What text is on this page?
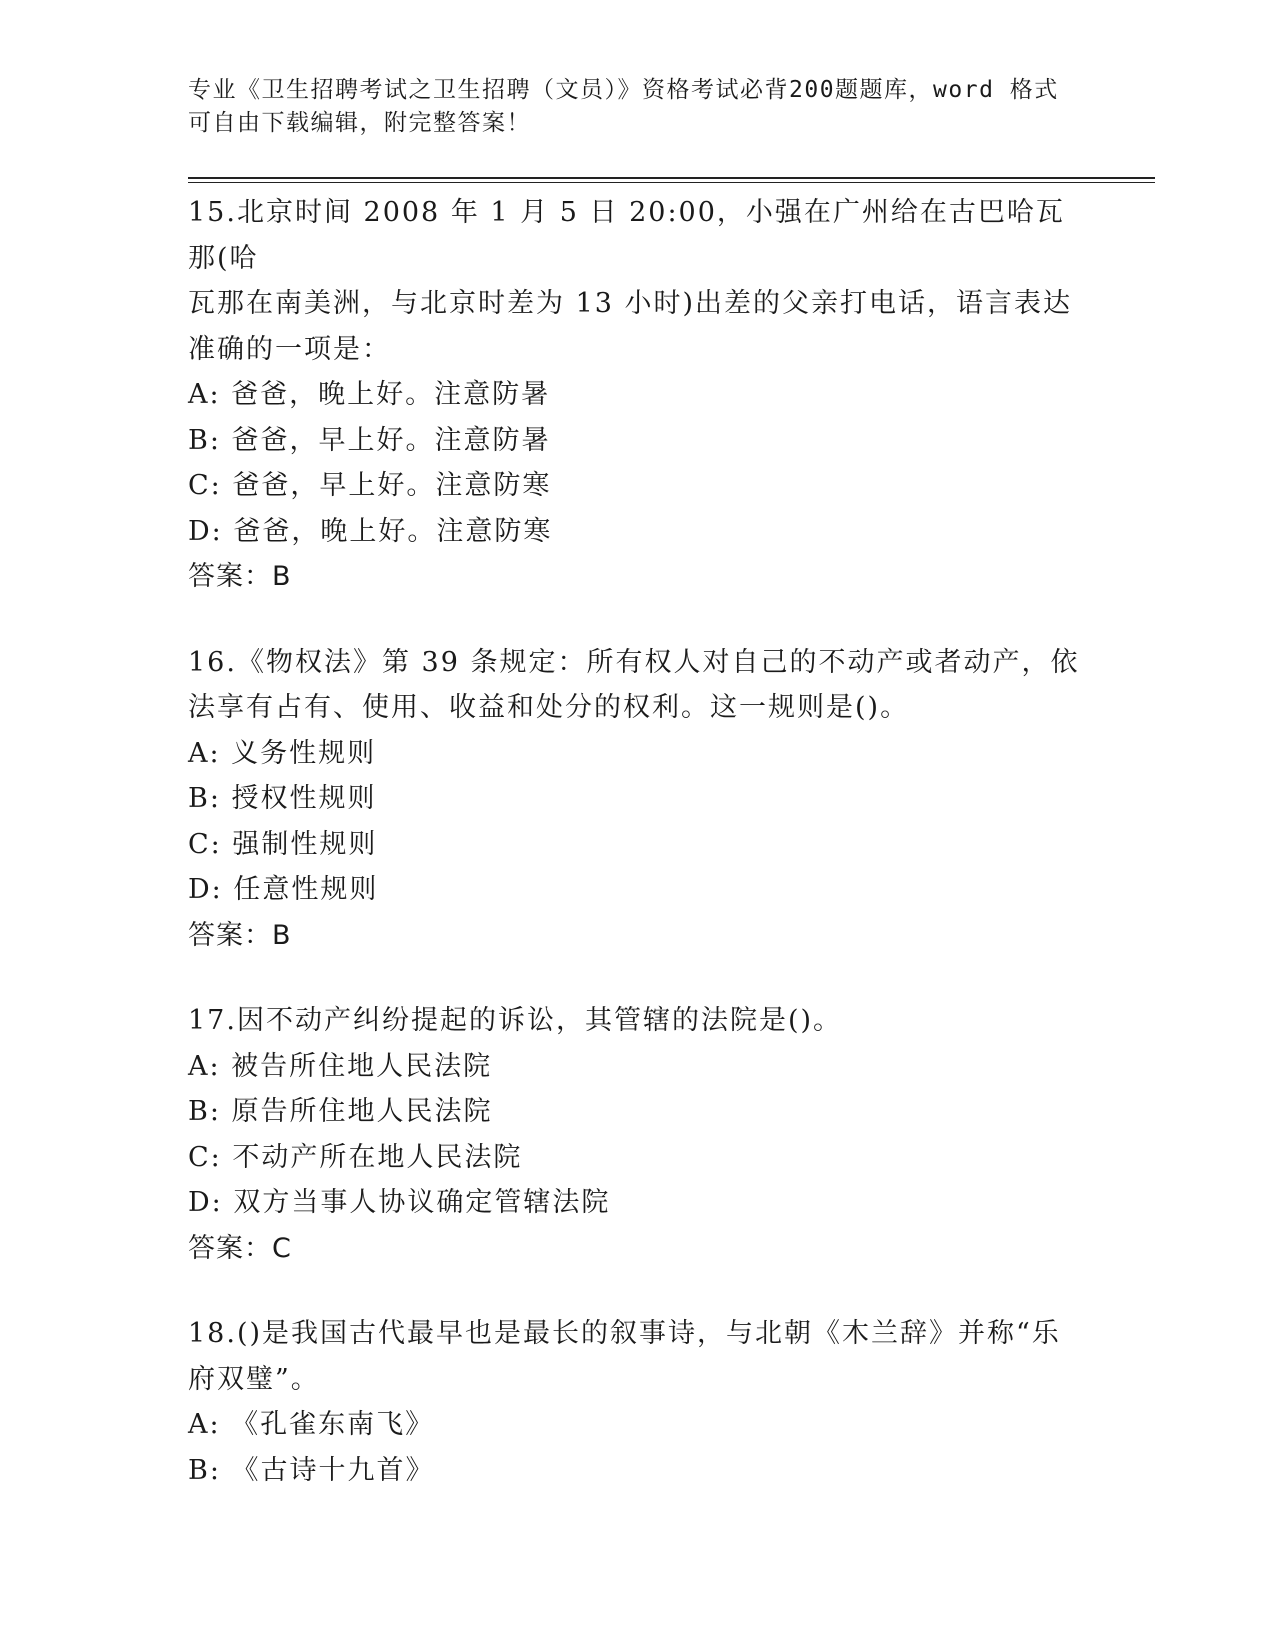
专业《卫生招聘考试之卫生招聘（文员）》资格考试必背200题题库，word 格式
可自由下载编辑，附完整答案！

15.北京时间 2008 年 1 月 5 日 20:00，小强在广州给在古巴哈瓦那(哈

瓦那在南美洲，与北京时差为 13 小时)出差的父亲打电话，语言表达

准确的一项是：

A: 爸爸，晚上好。注意防暑

B: 爸爸，早上好。注意防暑

C: 爸爸，早上好。注意防寒

D: 爸爸，晚上好。注意防寒

答案：B

16.《物权法》第 39 条规定：所有权人对自己的不动产或者动产，依

法享有占有、使用、收益和处分的权利。这一规则是()。

A: 义务性规则

B: 授权性规则

C: 强制性规则

D: 任意性规则

答案：B

17.因不动产纠纷提起的诉讼，其管辖的法院是()。

A: 被告所住地人民法院

B: 原告所住地人民法院

C: 不动产所在地人民法院

D: 双方当事人协议确定管辖法院

答案：C

18.()是我国古代最早也是最长的叙事诗，与北朝《木兰辞》并称“乐

府双璧”。

A: 《孔雀东南飞》

B: 《古诗十九首》
